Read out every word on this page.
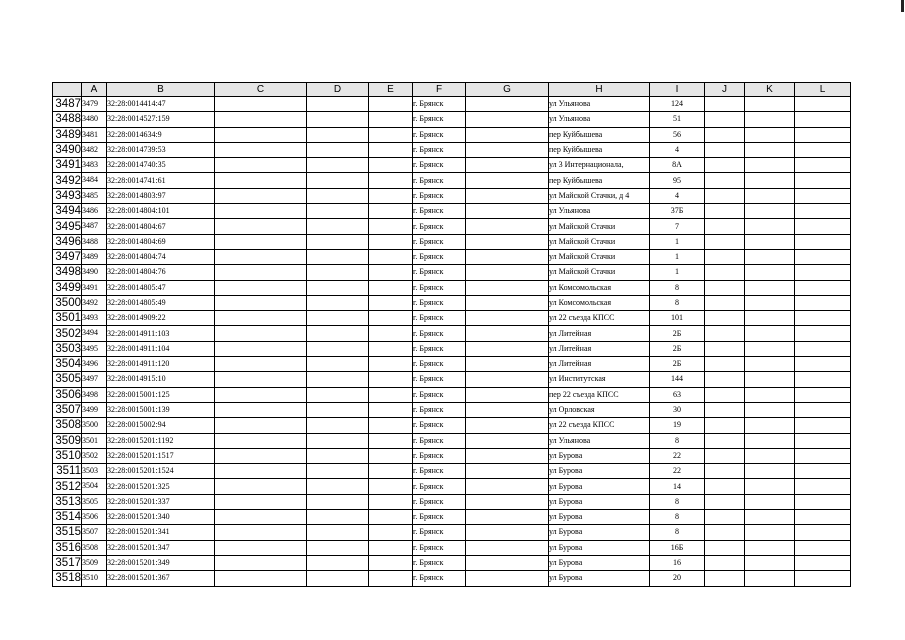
	A	B	C	D	E	F	G	H	I	J	K	L
3487	3479	32:28:0014414:47				г. Брянск		ул Ульянова	124			
3488	3480	32:28:0014527:159				г. Брянск		ул Ульянова	51			
3489	3481	32:28:0014634:9				г. Брянск		пер Куйбышева	56			
3490	3482	32:28:0014739:53				г. Брянск		пер Куйбышева	4			
3491	3483	32:28:0014740:35				г. Брянск		ул 3 Интернационала,	8А			
3492	3484	32:28:0014741:61				г. Брянск		пер Куйбышева	95			
3493	3485	32:28:0014803:97				г. Брянск		ул Майской Стачки, д 4	4			
3494	3486	32:28:0014804:101				г. Брянск		ул Ульянова	37Б			
3495	3487	32:28:0014804:67				г. Брянск		ул Майской Стачки	7			
3496	3488	32:28:0014804:69				г. Брянск		ул Майской Стачки	1			
3497	3489	32:28:0014804:74				г. Брянск		ул Майской Стачки	1			
3498	3490	32:28:0014804:76				г. Брянск		ул Майской Стачки	1			
3499	3491	32:28:0014805:47				г. Брянск		ул Комсомольская	8			
3500	3492	32:28:0014805:49				г. Брянск		ул Комсомольская	8			
3501	3493	32:28:0014909:22				г. Брянск		ул 22 съезда КПСС	101			
3502	3494	32:28:0014911:103				г. Брянск		ул Литейная	2Б			
3503	3495	32:28:0014911:104				г. Брянск		ул Литейная	2Б			
3504	3496	32:28:0014911:120				г. Брянск		ул Литейная	2Б			
3505	3497	32:28:0014915:10				г. Брянск		ул Институтская	144			
3506	3498	32:28:0015001:125				г. Брянск		пер 22 съезда КПСС	63			
3507	3499	32:28:0015001:139				г. Брянск		ул Орловская	30			
3508	3500	32:28:0015002:94				г. Брянск		ул 22 съезда КПСС	19			
3509	3501	32:28:0015201:1192				г. Брянск		ул Ульянова	8			
3510	3502	32:28:0015201:1517				г. Брянск		ул Бурова	22			
3511	3503	32:28:0015201:1524				г. Брянск		ул Бурова	22			
3512	3504	32:28:0015201:325				г. Брянск		ул Бурова	14			
3513	3505	32:28:0015201:337				г. Брянск		ул Бурова	8			
3514	3506	32:28:0015201:340				г. Брянск		ул Бурова	8			
3515	3507	32:28:0015201:341				г. Брянск		ул Бурова	8			
3516	3508	32:28:0015201:347				г. Брянск		ул Бурова	16Б			
3517	3509	32:28:0015201:349				г. Брянск		ул Бурова	16			
3518	3510	32:28:0015201:367				г. Брянск		ул Бурова	20			
